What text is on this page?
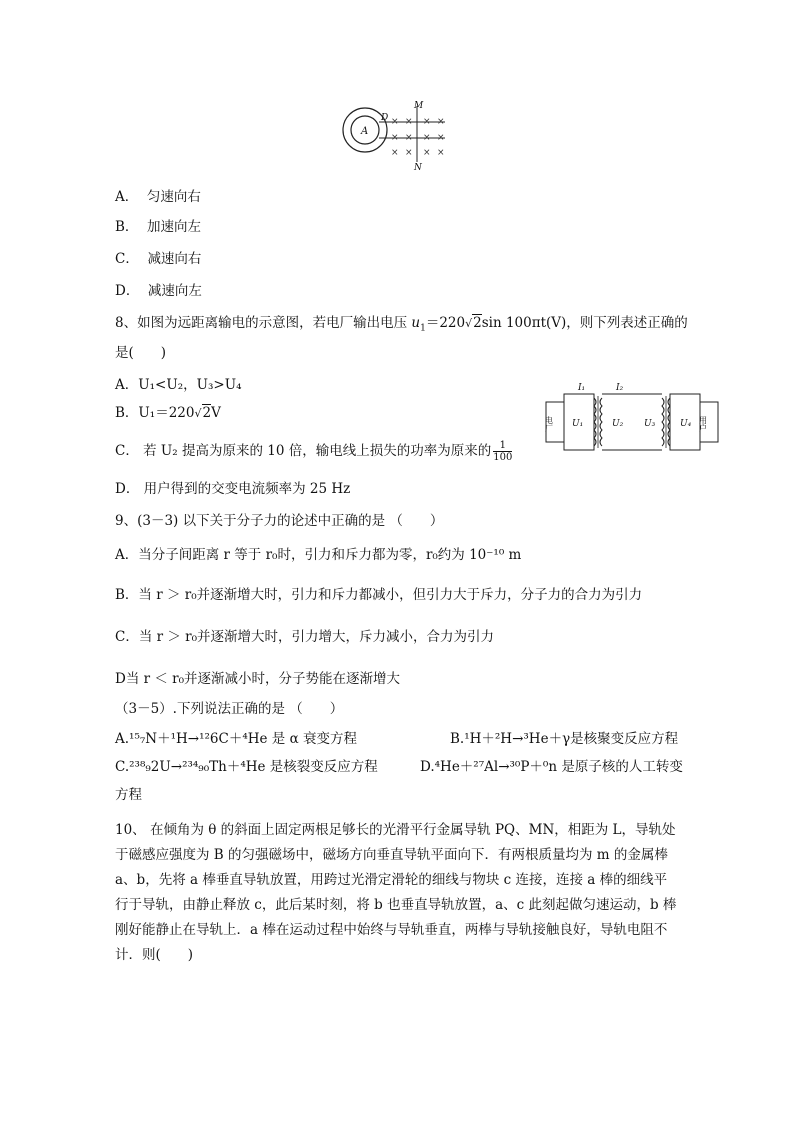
A
D
M
N
× × × ×
× × × ×
× × × ×
A． 匀速向右
B． 加速向左
C． 减速向右
D． 减速向左
8、如图为远距离输电的示意图，若电厂输出电压 $u_1=220√2\sin$ 100πt(V)，则下列表述正确的
是(　　)
A．U₁<U₂，U₃>U₄
B．U₁＝220√2V
C． 若 U₂ 提高为原来的 10 倍，输电线上损失的功率为原来的 $\frac{1}{100}$
D． 用户得到的交变电流频率为 25 Hz
电厂	用户
I₁	I₂
U₁	U₂ U₃	U₄
9、(3－3) 以下关于分子力的论述中正确的是 （　　）
A．当分子间距离 r 等于 r₀时，引力和斥力都为零，r₀约为 10⁻¹⁰ m
B．当 r ＞ r₀并逐渐增大时，引力和斥力都减小，但引力大于斥力，分子力的合力为引力
C．当 r ＞ r₀并逐渐增大时，引力增大，斥力减小，合力为引力
D当 r ＜ r₀并逐渐减小时，分子势能在逐渐增大
（3－5）.下列说法正确的是 （　　）
A.¹⁵₇N＋¹H→¹²6C＋⁴He 是 α 衰变方程	B.¹H＋²H→³He＋γ是核聚变反应方程
C.²³⁸₉2U→²³⁴₉₀Th＋⁴He 是核裂变反应方程	D.⁴He＋²⁷Al→³⁰P＋⁰n 是原子核的人工转变
方程
10、 在倾角为 θ 的斜面上固定两根足够长的光滑平行金属导轨 PQ、MN，相距为 L，导轨处于磁感应强度为 B 的匀强磁场中，磁场方向垂直导轨平面向下．有两根质量均为 m 的金属棒 a、b，先将 a 棒垂直导轨放置，用跨过光滑定滑轮的细线与物块 c 连接，连接 a 棒的细线平行于导轨，由静止释放 c，此后某时刻，将 b 也垂直导轨放置，a、c 此刻起做匀速运动，b 棒刚好能静止在导轨上．a 棒在运动过程中始终与导轨垂直，两棒与导轨接触良好，导轨电阻不计．则(　　)
